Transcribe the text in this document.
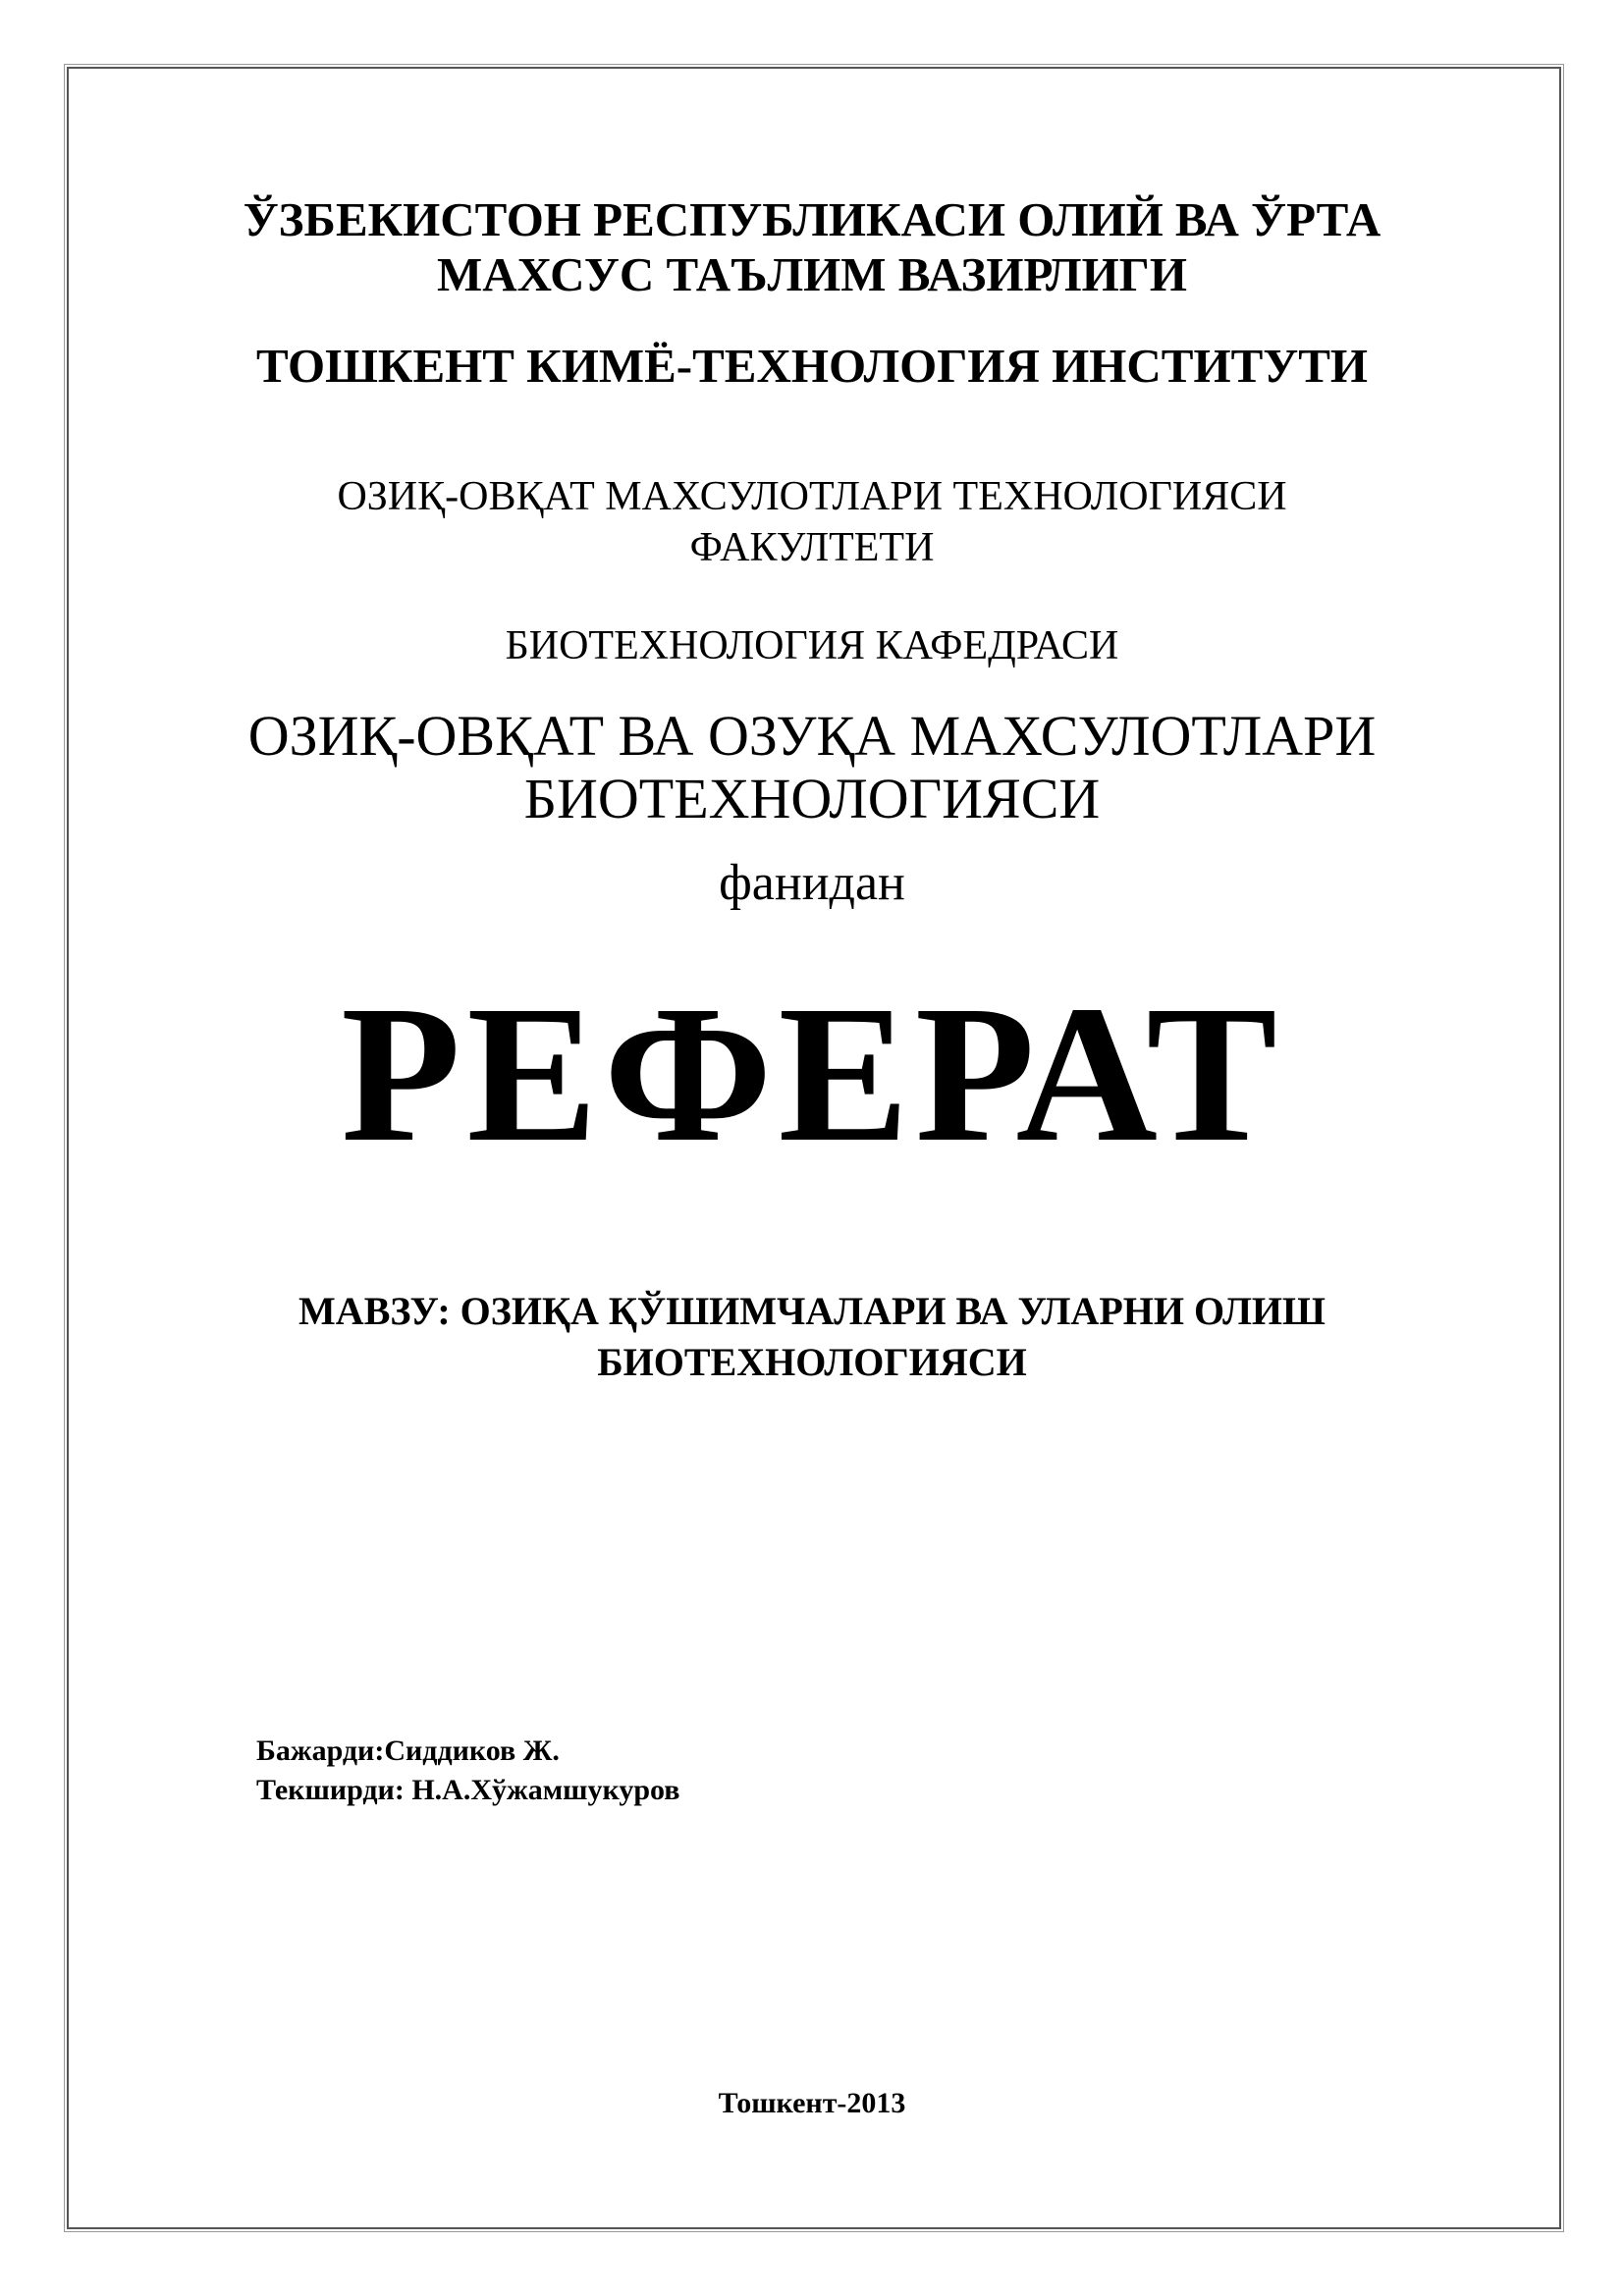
ЎЗБЕКИСТОН РЕСПУБЛИКАСИ ОЛИЙ ВА ЎРТА
МАХСУС ТАЪЛИМ ВАЗИРЛИГИ
ТОШКЕНТ КИМЁ-ТЕХНОЛОГИЯ ИНСТИТУТИ
ОЗИҚ-ОВҚАТ МАХСУЛОТЛАРИ ТЕХНОЛОГИЯСИ
ФАКУЛТЕТИ
БИОТЕХНОЛОГИЯ КАФЕДРАСИ
ОЗИҚ-ОВҚАТ ВА ОЗУҚА МАХСУЛОТЛАРИ
БИОТЕХНОЛОГИЯСИ
фанидан
РЕФЕРАТ
МАВЗУ: ОЗИҚА ҚЎШИМЧАЛАРИ ВА УЛАРНИ ОЛИШ
БИОТЕХНОЛОГИЯСИ
Бажарди:Сиддиков Ж.
Текширди: Н.А.Хўжамшукуров
Тошкент-2013
